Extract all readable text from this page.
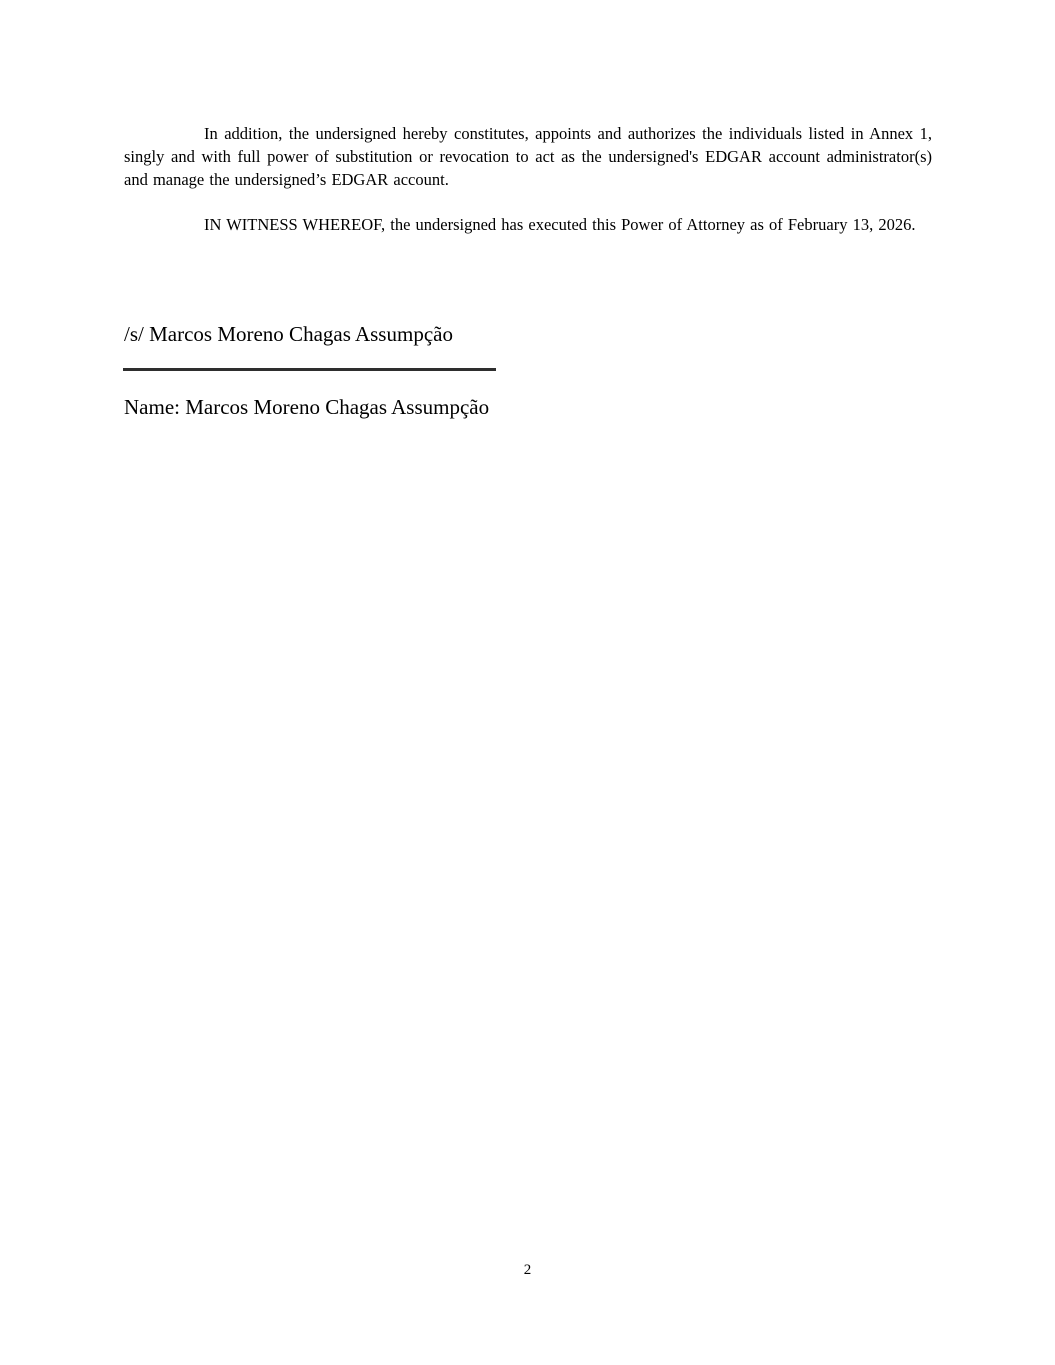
In addition, the undersigned hereby constitutes, appoints and authorizes the individuals listed in Annex 1, singly and with full power of substitution or revocation to act as the undersigned's EDGAR account administrator(s) and manage the undersigned’s EDGAR account.

IN WITNESS WHEREOF, the undersigned has executed this Power of Attorney as of February 13, 2026.

/s/ Marcos Moreno Chagas Assumpção
Name: Marcos Moreno Chagas Assumpção
2
